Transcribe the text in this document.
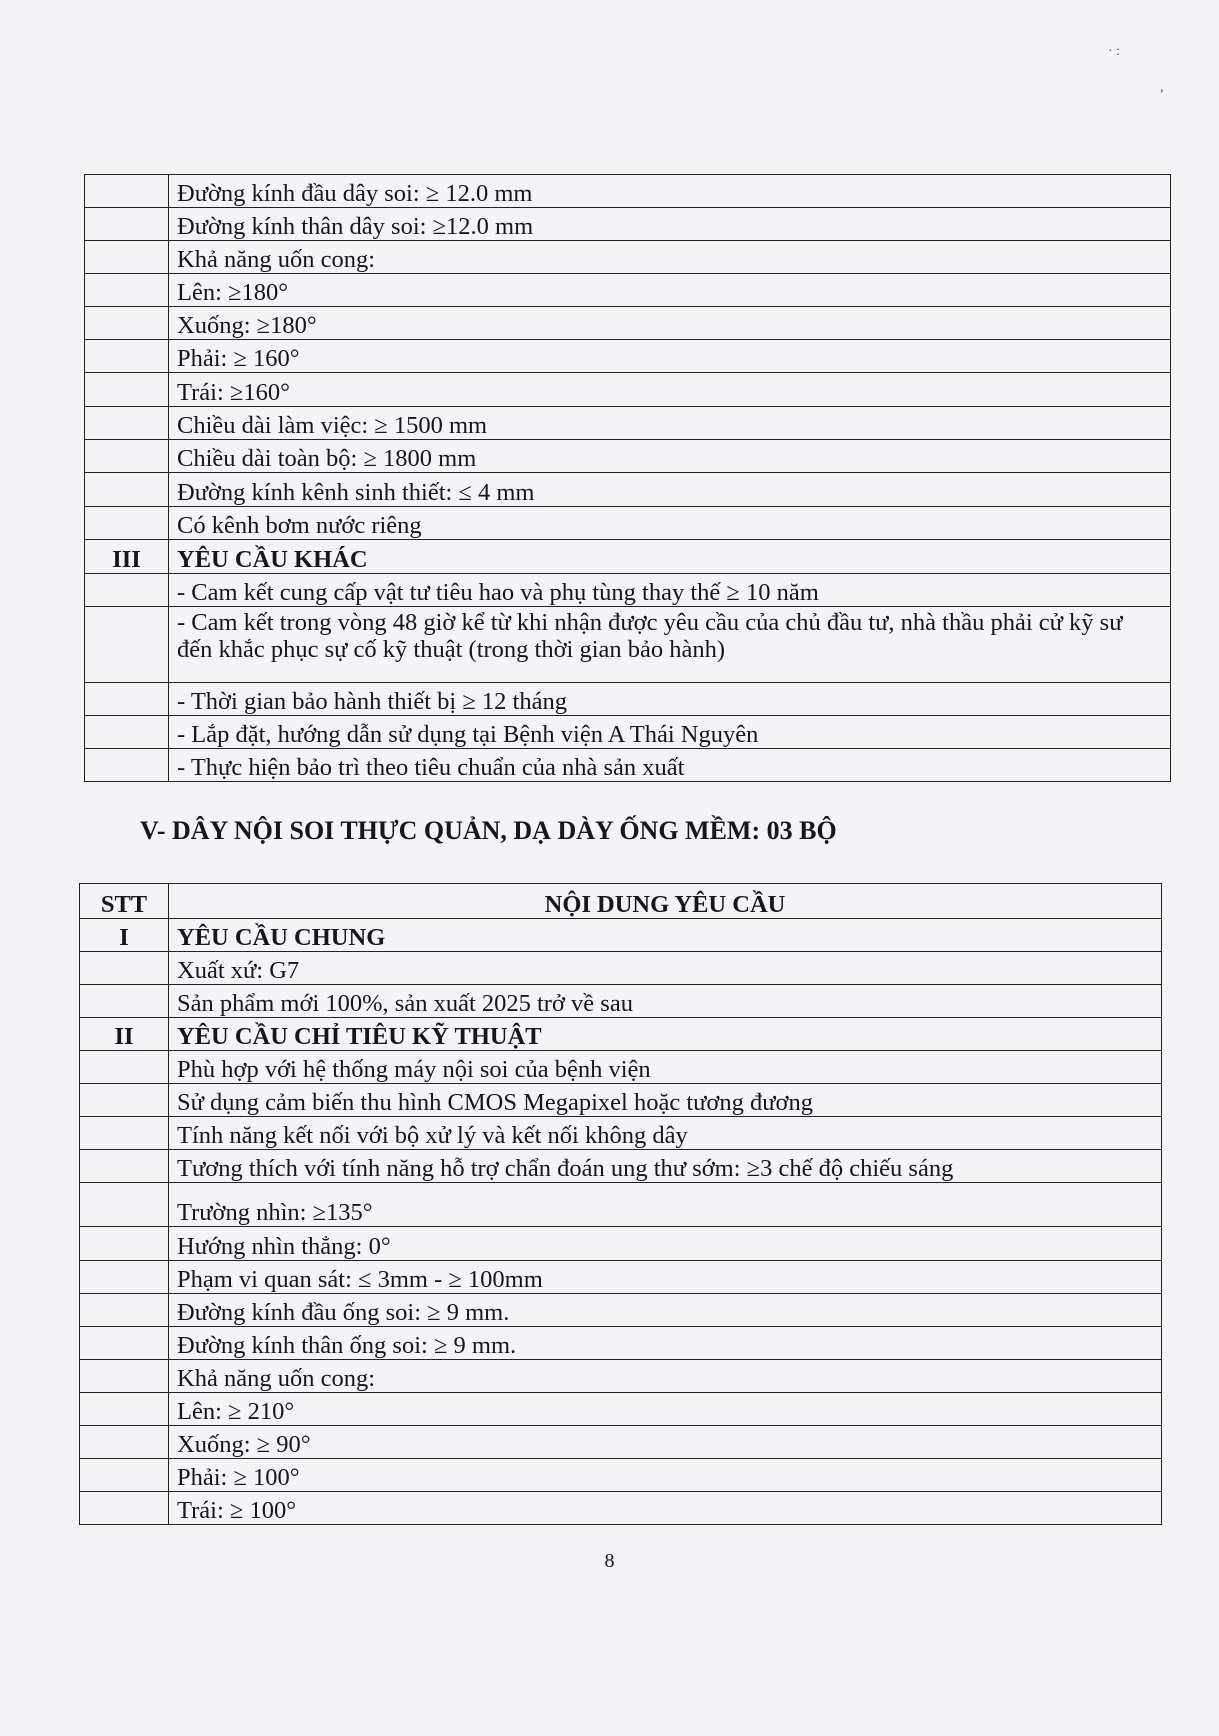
· :
,
	Đường kính đầu dây soi: ≥ 12.0 mm
	Đường kính thân dây soi: ≥12.0 mm
	Khả năng uốn cong:
	Lên: ≥180°
	Xuống: ≥180°
	Phải: ≥ 160°
	Trái: ≥160°
	Chiều dài làm việc: ≥ 1500 mm
	Chiều dài toàn bộ: ≥ 1800 mm
	Đường kính kênh sinh thiết: ≤ 4 mm
	Có kênh bơm nước riêng
III	YÊU CẦU KHÁC
	- Cam kết cung cấp vật tư tiêu hao và phụ tùng thay thế ≥ 10 năm
	- Cam kết trong vòng 48 giờ kể từ khi nhận được yêu cầu của chủ đầu tư, nhà thầu phải cử kỹ sư đến khắc phục sự cố kỹ thuật (trong thời gian bảo hành)
	- Thời gian bảo hành thiết bị ≥ 12 tháng
	- Lắp đặt, hướng dẫn sử dụng tại Bệnh viện A Thái Nguyên
	- Thực hiện bảo trì theo tiêu chuẩn của nhà sản xuất
V- DÂY NỘI SOI THỰC QUẢN, DẠ DÀY ỐNG MỀM: 03 BỘ
STT	NỘI DUNG YÊU CẦU
I	YÊU CẦU CHUNG
	Xuất xứ: G7
	Sản phẩm mới 100%, sản xuất 2025 trở về sau
II	YÊU CẦU CHỈ TIÊU KỸ THUẬT
	Phù hợp với hệ thống máy nội soi của bệnh viện
	Sử dụng cảm biến thu hình CMOS Megapixel hoặc tương đương
	Tính năng kết nối với bộ xử lý và kết nối không dây
	Tương thích với tính năng hỗ trợ chẩn đoán ung thư sớm: ≥3 chế độ chiếu sáng
	Trường nhìn: ≥135°
	Hướng nhìn thẳng: 0°
	Phạm vi quan sát: ≤ 3mm - ≥ 100mm
	Đường kính đầu ống soi: ≥ 9 mm.
	Đường kính thân ống soi: ≥ 9 mm.
	Khả năng uốn cong:
	Lên: ≥ 210°
	Xuống: ≥ 90°
	Phải: ≥ 100°
	Trái: ≥ 100°
8
